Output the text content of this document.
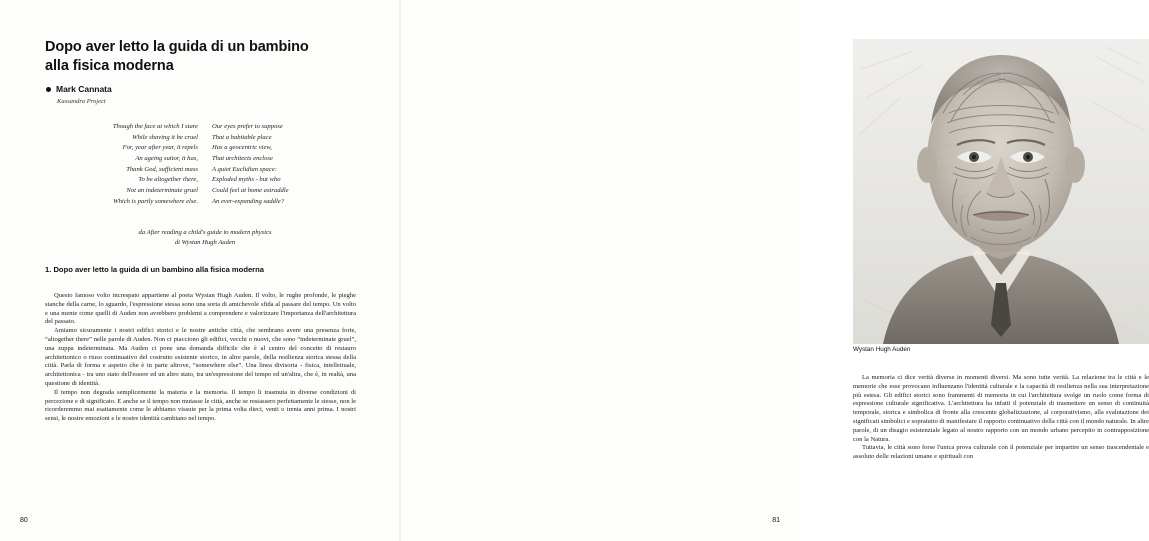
Dopo aver letto la guida di un bambino
alla fisica moderna
Mark Cannata
Kassandra Project
Though the face at which I stare
While shaving it be cruel
For, year after year, it repels
An ageing suitor, it has,
Thank God, sufficient mass
To be altogether there,
Not an indeterminate gruel
Which is partly somewhere else.
Our eyes prefer to suppose
That a habitable place
Has a geocentric view,
That architects enclose
A quiet Euclidian space:
Exploded myths - but who
Could feel at home astraddle
An ever-expanding saddle?
da After reading a child's guide to modern physics
di Wystan Hugh Auden
1. Dopo aver letto la guida di un bambino alla fisica moderna

Questo famoso volto increspato appartiene al poeta Wystan Hugh Auden. Il volto, le rughe profonde, le pieghe stanche della carne, lo sguardo, l'espressione stessa sono una sorta di amichevole sfida al passare del tempo. Un volto e una mente come quelli di Auden non avrebbero problemi a comprendere e valorizzare l'importanza dell'architettura del passato.

Amiamo sicuramente i nostri edifici storici e le nostre antiche città, che sembrano avere una presenza forte, “altogether there” nelle parole di Auden. Non ci piacciono gli edifici, vecchi o nuovi, che sono “indeterminate gruel”, una zuppa indeterminata. Ma Auden ci pone una domanda difficile che è al centro del concetto di restauro architettonico o riuso continuativo del costruito esistente storico, in altre parole, della resilienza storica stessa della città. Parla di forma e aspetto che è in parte altrove, “somewhere else”. Una linea divisoria - fisica, intellettuale, architettonica - tra uno stato dell'essere ed un altro stato, tra un'espressione del tempo ed un'altra, che è, in realtà, una questione di identità.

Il tempo non degrada semplicemente la materia e la memoria. Il tempo li trasmuta in diverse condizioni di percezione e di significato. E anche se il tempo non mutasse le città, anche se restassero perfettamente le stesse, non le ricorderemmo mai esattamente come le abbiamo vissute per la prima volta dieci, venti o trenta anni prima. I nostri sensi, le nostre emozioni e le nostre identità cambiano nel tempo.

80
Wystan Hugh Auden

La memoria ci dice verità diverse in momenti diversi. Ma sono tutte verità. La relazione tra le città e le memorie che esse provocano influenzano l'identità culturale e la capacità di resilienza nella sua interpretazione più estesa. Gli edifici storici sono frammenti di memoria in cui l'architettura svolge un ruolo come forma di espressione culturale significativa. L'architettura ha infatti il potenziale di trasmettere un senso di continuità temporale, storica e simbolica di fronte alla crescente globalizzazione, al corporativismo, alla svalutazione dei significati simbolici e sopratutto di manifestare il rapporto continuativo della città con il mondo naturale. In altre parole, di un disagio esistenziale legato al nostro rapporto con un mondo urbano percepito in contrapposizione con la Natura.

Tuttavia, le città sono forse l'unica prova culturale con il potenziale per impartire un senso trascendentale e assoluto delle relazioni umane e spirituali con

81
